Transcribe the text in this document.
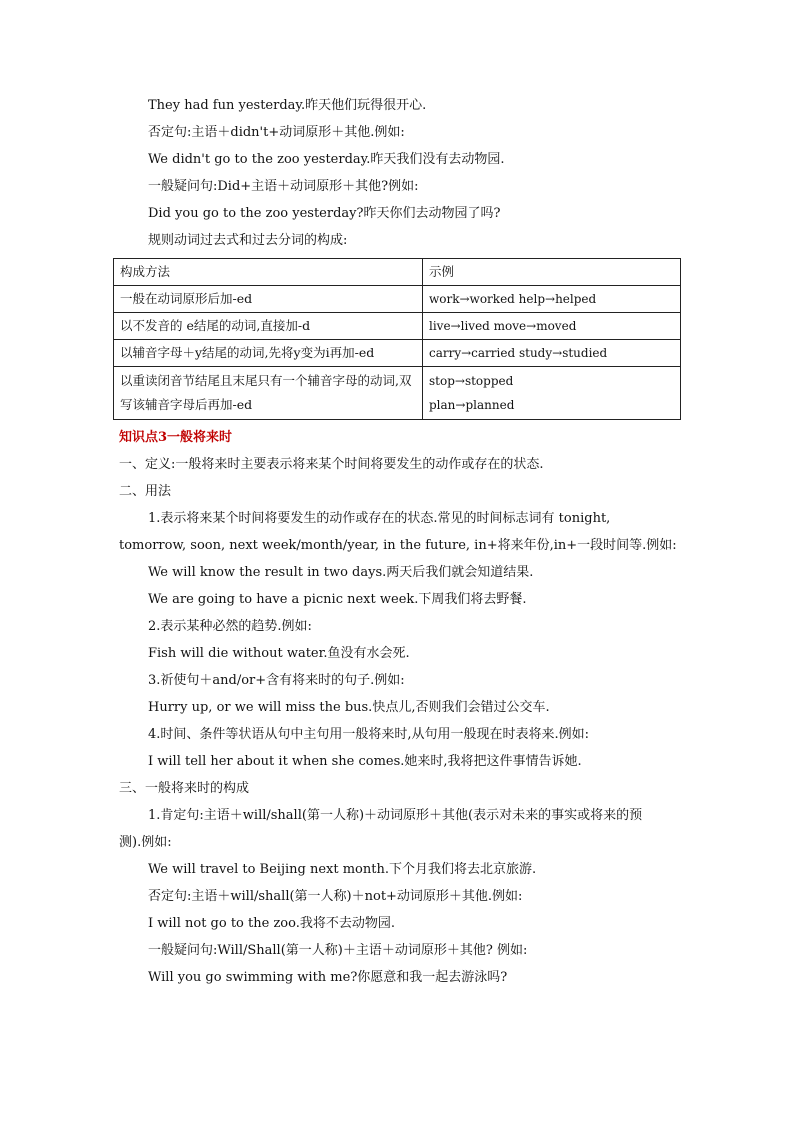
They had fun yesterday.昨天他们玩得很开心.
否定句:主语＋didn't+动词原形＋其他.例如:
We didn't go to the zoo yesterday.昨天我们没有去动物园.
一般疑问句:Did+主语＋动词原形＋其他?例如:
Did you go to the zoo yesterday?昨天你们去动物园了吗?
规则动词过去式和过去分词的构成:
构成方法	示例
一般在动词原形后加-ed	work→worked help→helped
以不发音的 e结尾的动词,直接加-d	live→lived move→moved
以辅音字母＋y结尾的动词,先将y变为i再加-ed	carry→carried study→studied
以重读闭音节结尾且末尾只有一个辅音字母的动词,双写该辅音字母后再加-ed	stop→stopped
plan→planned
知识点3一般将来时
一、定义:一般将来时主要表示将来某个时间将要发生的动作或存在的状态.
二、用法
1.表示将来某个时间将要发生的动作或存在的状态.常见的时间标志词有 tonight,
tomorrow, soon, next week/month/year, in the future, in+将来年份,in+一段时间等.例如:
We will know the result in two days.两天后我们就会知道结果.
We are going to have a picnic next week.下周我们将去野餐.
2.表示某种必然的趋势.例如:
Fish will die without water.鱼没有水会死.
3.祈使句＋and/or+含有将来时的句子.例如:
Hurry up, or we will miss the bus.快点儿,否则我们会错过公交车.
4.时间、条件等状语从句中主句用一般将来时,从句用一般现在时表将来.例如:
I will tell her about it when she comes.她来时,我将把这件事情告诉她.
三、一般将来时的构成
1.肯定句:主语＋will/shall(第一人称)＋动词原形＋其他(表示对未来的事实或将来的预
测).例如:
We will travel to Beijing next month.下个月我们将去北京旅游.
否定句:主语＋will/shall(第一人称)＋not+动词原形＋其他.例如:
I will not go to the zoo.我将不去动物园.
一般疑问句:Will/Shall(第一人称)＋主语＋动词原形＋其他? 例如:
Will you go swimming with me?你愿意和我一起去游泳吗?
